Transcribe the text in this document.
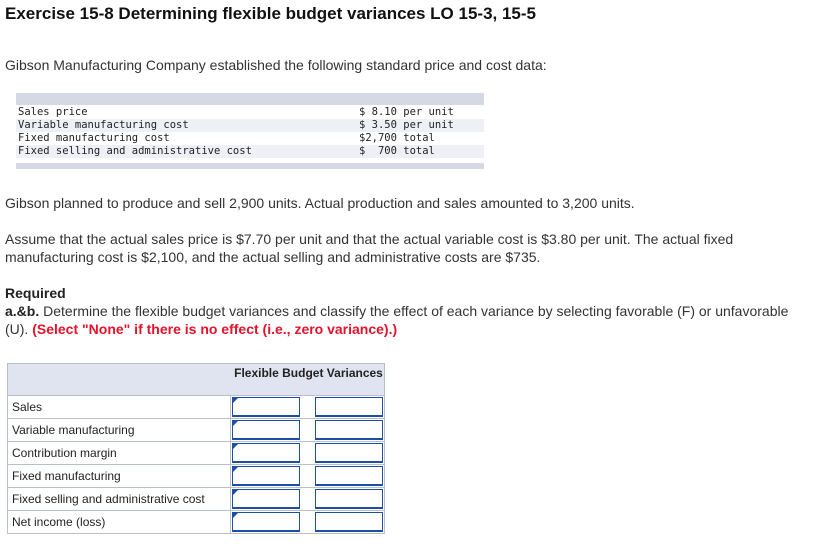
Exercise 15-8 Determining flexible budget variances LO 15-3, 15-5
Gibson Manufacturing Company established the following standard price and cost data:
Sales price	$ 8.10 per unit
Variable manufacturing cost	$ 3.50 per unit
Fixed manufacturing cost	$2,700 total
Fixed selling and administrative cost	$  700 total
Gibson planned to produce and sell 2,900 units. Actual production and sales amounted to 3,200 units.
Assume that the actual sales price is $7.70 per unit and that the actual variable cost is $3.80 per unit. The actual fixed manufacturing cost is $2,100, and the actual selling and administrative costs are $735.
Required
a.&b. Determine the flexible budget variances and classify the effect of each variance by selecting favorable (F) or unfavorable (U). (Select "None" if there is no effect (i.e., zero variance).)
Flexible Budget Variances
Sales
Variable manufacturing
Contribution margin
Fixed manufacturing
Fixed selling and administrative cost
Net income (loss)
